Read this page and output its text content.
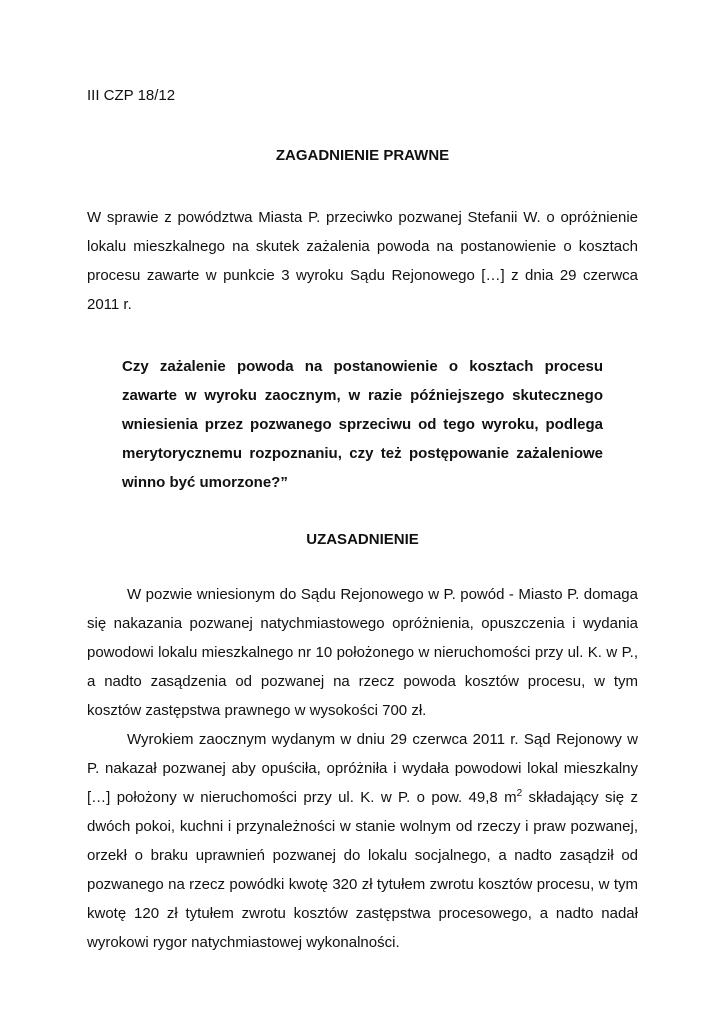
III CZP 18/12

ZAGADNIENIE PRAWNE

W sprawie z powództwa Miasta P. przeciwko pozwanej Stefanii W. o opróżnienie lokalu mieszkalnego na skutek zażalenia powoda na postanowienie o kosztach procesu zawarte w punkcie 3 wyroku Sądu Rejonowego […] z dnia 29 czerwca 2011 r.

Czy zażalenie powoda na postanowienie o kosztach procesu zawarte w wyroku zaocznym, w razie późniejszego skutecznego wniesienia przez pozwanego sprzeciwu od tego wyroku, podlega merytorycznemu rozpoznaniu, czy też postępowanie zażaleniowe winno być umorzone?”

UZASADNIENIE

W pozwie wniesionym do Sądu Rejonowego w P. powód - Miasto P. domaga się nakazania pozwanej natychmiastowego opróżnienia, opuszczenia i wydania powodowi lokalu mieszkalnego nr 10 położonego w nieruchomości przy ul. K. w P., a nadto zasądzenia od pozwanej na rzecz powoda kosztów procesu, w tym kosztów zastępstwa prawnego w wysokości 700 zł.

Wyrokiem zaocznym wydanym w dniu 29 czerwca 2011 r. Sąd Rejonowy w P. nakazał pozwanej aby opuściła, opróżniła i wydała powodowi lokal mieszkalny […] położony w nieruchomości przy ul. K. w P. o pow. 49,8 $m^2$ składający się z dwóch pokoi, kuchni i przynależności w stanie wolnym od rzeczy i praw pozwanej, orzekł o braku uprawnień pozwanej do lokalu socjalnego, a nadto zasądził od pozwanego na rzecz powódki kwotę 320 zł tytułem zwrotu kosztów procesu, w tym kwotę 120 zł tytułem zwrotu kosztów zastępstwa procesowego, a nadto nadał wyrokowi rygor natychmiastowej wykonalności.
